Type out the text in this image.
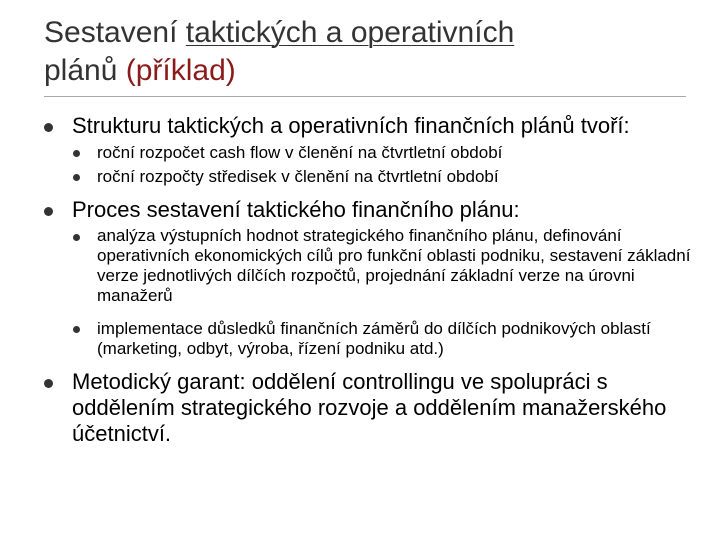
Sestavení taktických a operativních
plánů (příklad)
Strukturu taktických a operativních finančních plánů tvoří:
roční rozpočet cash flow v členění na čtvrtletní období
roční rozpočty středisek v členění na čtvrtletní období
Proces sestavení taktického finančního plánu:
analýza výstupních hodnot strategického finančního plánu, definování operativních ekonomických cílů pro funkční oblasti podniku, sestavení základní verze jednotlivých dílčích rozpočtů, projednání základní verze na úrovni manažerů
implementace důsledků finančních záměrů do dílčích podnikových oblastí (marketing, odbyt, výroba, řízení podniku atd.)
Metodický garant: oddělení controllingu ve spolupráci s oddělením strategického rozvoje a oddělením manažerského účetnictví.
